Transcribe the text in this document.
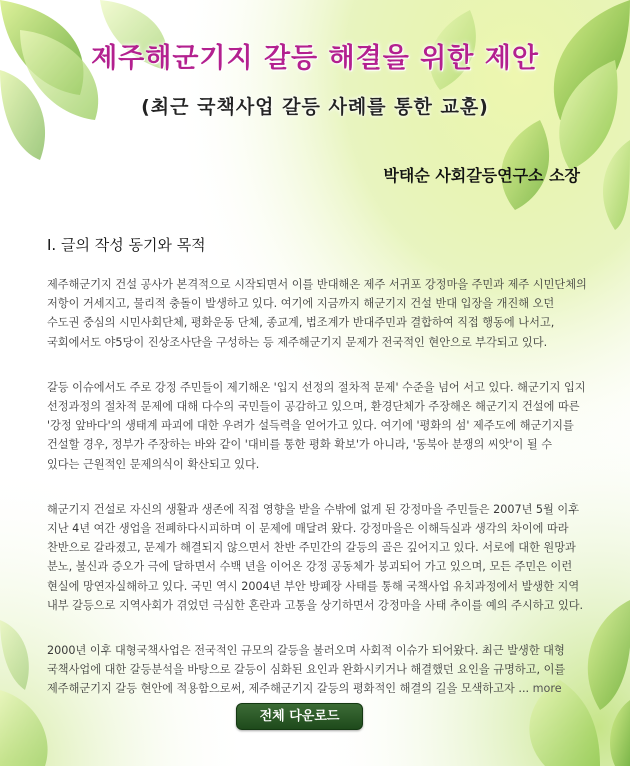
제주해군기지 갈등 해결을 위한 제안
(최근 국책사업 갈등 사례를 통한 교훈)
박태순 사회갈등연구소 소장
I. 글의 작성 동기와 목적

제주해군기지 건설 공사가 본격적으로 시작되면서 이를 반대해온 제주 서귀포 강정마을 주민과 제주 시민단체의 저항이 거세지고, 물리적 충돌이 발생하고 있다. 여기에 지금까지 해군기지 건설 반대 입장을 개진해 오던 수도권 중심의 시민사회단체, 평화운동 단체, 종교계, 법조계가 반대주민과 결합하여 직접 행동에 나서고, 국회에서도 야5당이 진상조사단을 구성하는 등 제주해군기지 문제가 전국적인 현안으로 부각되고 있다.

갈등 이슈에서도 주로 강정 주민들이 제기해온 '입지 선정의 절차적 문제' 수준을 넘어 서고 있다. 해군기지 입지 선정과정의 절차적 문제에 대해 다수의 국민들이 공감하고 있으며, 환경단체가 주장해온 해군기지 건설에 따른 '강정 앞바다'의 생태계 파괴에 대한 우려가 설득력을 얻어가고 있다. 여기에 '평화의 섬' 제주도에 해군기지를 건설할 경우, 정부가 주장하는 바와 같이 '대비를 통한 평화 확보'가 아니라, '동북아 분쟁의 씨앗'이 될 수 있다는 근원적인 문제의식이 확산되고 있다.

해군기지 건설로 자신의 생활과 생존에 직접 영향을 받을 수밖에 없게 된 강정마을 주민들은 2007년 5월 이후 지난 4년 여간 생업을 전폐하다시피하며 이 문제에 매달려 왔다. 강정마을은 이해득실과 생각의 차이에 따라 찬반으로 갈라졌고, 문제가 해결되지 않으면서 찬반 주민간의 갈등의 골은 깊어지고 있다. 서로에 대한 원망과 분노, 불신과 증오가 극에 달하면서 수백 년을 이어온 강정 공동체가 붕괴되어 가고 있으며, 모든 주민은 이런 현실에 망연자실해하고 있다. 국민 역시 2004년 부안 방폐장 사태를 통해 국책사업 유치과정에서 발생한 지역 내부 갈등으로 지역사회가 겪었던 극심한 혼란과 고통을 상기하면서 강정마을 사태 추이를 예의 주시하고 있다.

2000년 이후 대형국책사업은 전국적인 규모의 갈등을 불러오며 사회적 이슈가 되어왔다. 최근 발생한 대형 국책사업에 대한 갈등분석을 바탕으로 갈등이 심화된 요인과 완화시키거나 해결했던 요인을 규명하고, 이를 제주해군기지 갈등 현안에 적용함으로써, 제주해군기지 갈등의 평화적인 해결의 길을 모색하고자 ... more

전체 다운로드
